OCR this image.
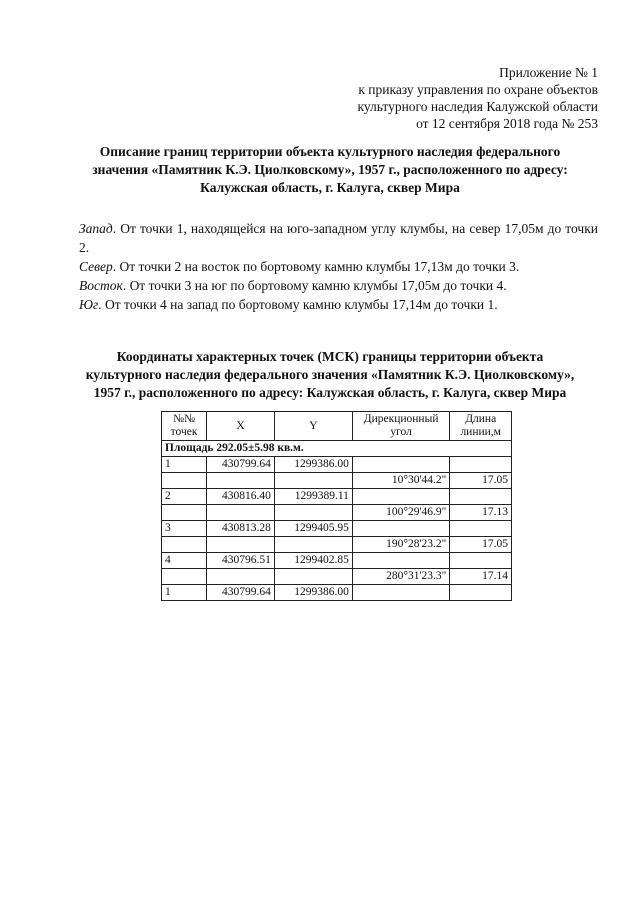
Приложение № 1
к приказу управления по охране объектов
культурного наследия Калужской области
от 12 сентября 2018 года № 253
Описание границ территории объекта культурного наследия федерального
значения «Памятник К.Э. Циолковскому», 1957 г., расположенного по адресу:
Калужская область, г. Калуга, сквер Мира

Запад. От точки 1, находящейся на юго-западном углу клумбы, на север 17,05м до точки 2.

Север. От точки 2 на восток по бортовому камню клумбы 17,13м до точки 3.

Восток. От точки 3 на юг по бортовому камню клумбы 17,05м до точки 4.

Юг. От точки 4 на запад по бортовому камню клумбы 17,14м до точки 1.

Координаты характерных точек (МСК) границы территории объекта
культурного наследия федерального значения «Памятник К.Э. Циолковскому»,
1957 г., расположенного по адресу: Калужская область, г. Калуга, сквер Мира
№№
точек	X	Y	Дирекционный
угол	Длина
линии,м
Площадь 292.05±5.98 кв.м.				
1	430799.64	1299386.00		
			10°30'44.2"	17.05
2	430816.40	1299389.11		
			100°29'46.9"	17.13
3	430813.28	1299405.95		
			190°28'23.2"	17.05
4	430796.51	1299402.85		
			280°31'23.3"	17.14
1	430799.64	1299386.00		
